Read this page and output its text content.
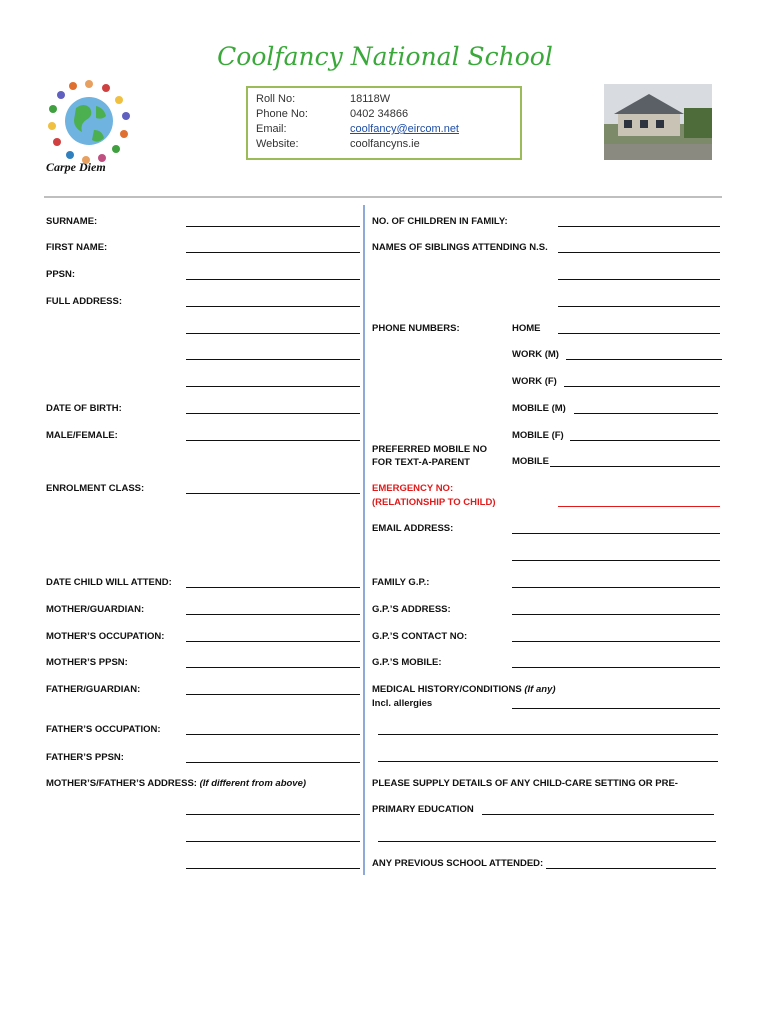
Coolfancy National School
Carpe Diem
Roll No:	18118W
Phone No:	0402 34866
Email:	coolfancy@eircom.net
Website:	coolfancyns.ie
SURNAME:
FIRST NAME:
PPSN:
FULL ADDRESS:
DATE OF BIRTH:
MALE/FEMALE:
ENROLMENT CLASS:
DATE CHILD WILL ATTEND:
MOTHER/GUARDIAN:
MOTHER’S OCCUPATION:
MOTHER’S PPSN:
FATHER/GUARDIAN:
FATHER’S OCCUPATION:
FATHER’S PPSN:
MOTHER’S/FATHER’S ADDRESS: (If different from above)
NO. OF CHILDREN IN FAMILY:
NAMES OF SIBLINGS ATTENDING N.S.
PHONE NUMBERS:	HOME
WORK (M)
WORK (F)
MOBILE (M)
MOBILE (F)
PREFERRED MOBILE NO
FOR TEXT-A-PARENT	MOBILE
EMERGENCY NO:
(RELATIONSHIP TO CHILD)
EMAIL ADDRESS:
FAMILY G.P.:
G.P.’S ADDRESS:
G.P.’S CONTACT NO:
G.P.’S MOBILE:
MEDICAL HISTORY/CONDITIONS (If any)
Incl. allergies
PLEASE SUPPLY DETAILS OF ANY CHILD-CARE SETTING OR PRE-
PRIMARY EDUCATION
ANY PREVIOUS SCHOOL ATTENDED:
